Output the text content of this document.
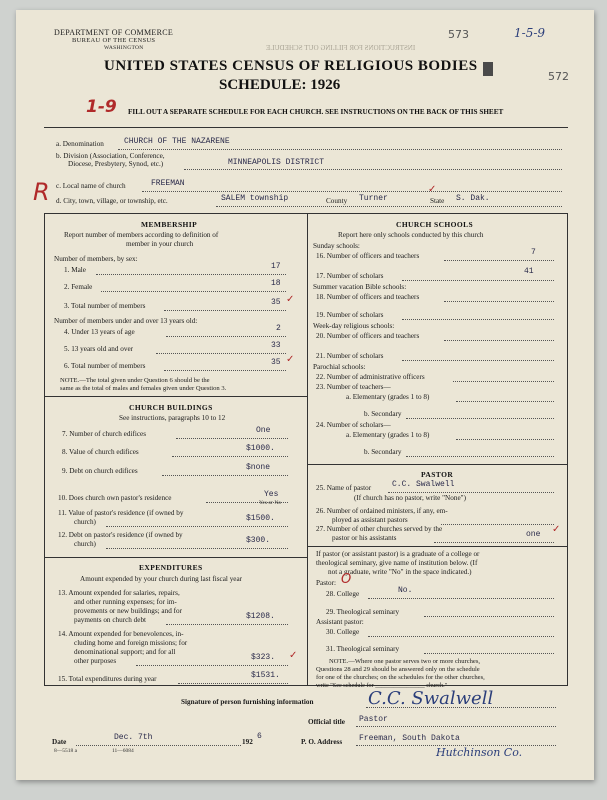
INSTRUCTIONS FOR FILLING OUT SCHEDULE
DEPARTMENT OF COMMERCE
BUREAU OF THE CENSUS
WASHINGTON
573	1-5-9
572
UNITED STATES CENSUS OF RELIGIOUS BODIES
SCHEDULE: 1926
1-9 FILL OUT A SEPARATE SCHEDULE FOR EACH CHURCH. SEE INSTRUCTIONS ON THE BACK OF THIS SHEET
a. Denomination	CHURCH OF THE NAZARENE
b. Division (Association, Conference,
Diocese, Presbytery, Synod, etc.)	MINNEAPOLIS DISTRICT
R c. Local name of church	FREEMAN
d. City, town, village, or township, etc.	SALEM township	County Turner	State S. Dak.
MEMBERSHIP
Report number of members according to definition of
member in your church
Number of members, by sex:
1. Male	17
2. Female	18
3. Total number of members	35 ✓
Number of members under and over 13 years old:
4. Under 13 years of age	2
5. 13 years old and over	33
6. Total number of members	35 ✓
NOTE.—The total given under Question 6 should be the
same as the total of males and females given under Question 3.
CHURCH BUILDINGS
See instructions, paragraphs 10 to 12
7. Number of church edifices	One
8. Value of church edifices	$1000.
9. Debt on church edifices	$none
10. Does church own pastor's residence	Yes
Yes or No
11. Value of pastor's residence (if owned by
church)	$1500.
12. Debt on pastor's residence (if owned by
church)	$300.
EXPENDITURES
Amount expended by your church during last fiscal year
13. Amount expended for salaries, repairs,
and other running expenses; for im-
provements or new buildings; and for
payments on church debt	$1208.
14. Amount expended for benevolences, in-
cluding home and foreign missions; for
denominational support; and for all
other purposes	$323. ✓
15. Total expenditures during year	$1531.
CHURCH SCHOOLS
Report here only schools conducted by this church
Sunday schools:
16. Number of officers and teachers	7
17. Number of scholars	41
Summer vacation Bible schools:
18. Number of officers and teachers
19. Number of scholars
Week-day religious schools:
20. Number of officers and teachers
21. Number of scholars
Parochial schools:
22. Number of administrative officers
23. Number of teachers—
a. Elementary (grades 1 to 8)
b. Secondary
24. Number of scholars—
a. Elementary (grades 1 to 8)
b. Secondary
PASTOR
25. Name of pastor	C.C. Swalwell
(If church has no pastor, write "None")
26. Number of ordained ministers, if any, em-
ployed as assistant pastors
27. Number of other churches served by the
pastor or his assistants	one ✓
If pastor (or assistant pastor) is a graduate of a college or
theological seminary, give name of institution below. (If
not a graduate, write "No" in the space indicated.)
Pastor: O
28. College	No.
29. Theological seminary
Assistant pastor:
30. College
31. Theological seminary
NOTE.—Where one pastor serves two or more churches,
Questions 28 and 29 should be answered only on the schedule
for one of the churches; on the schedules for the other churches,
write "See schedule for ________________ church."
Signature of person furnishing information	C.C. Swalwell
Official title Pastor
Date	Dec. 7th	192
6
P. O. Address Freeman, South Dakota
Hutchinson Co.
8—5518 a	11—6084
✓
